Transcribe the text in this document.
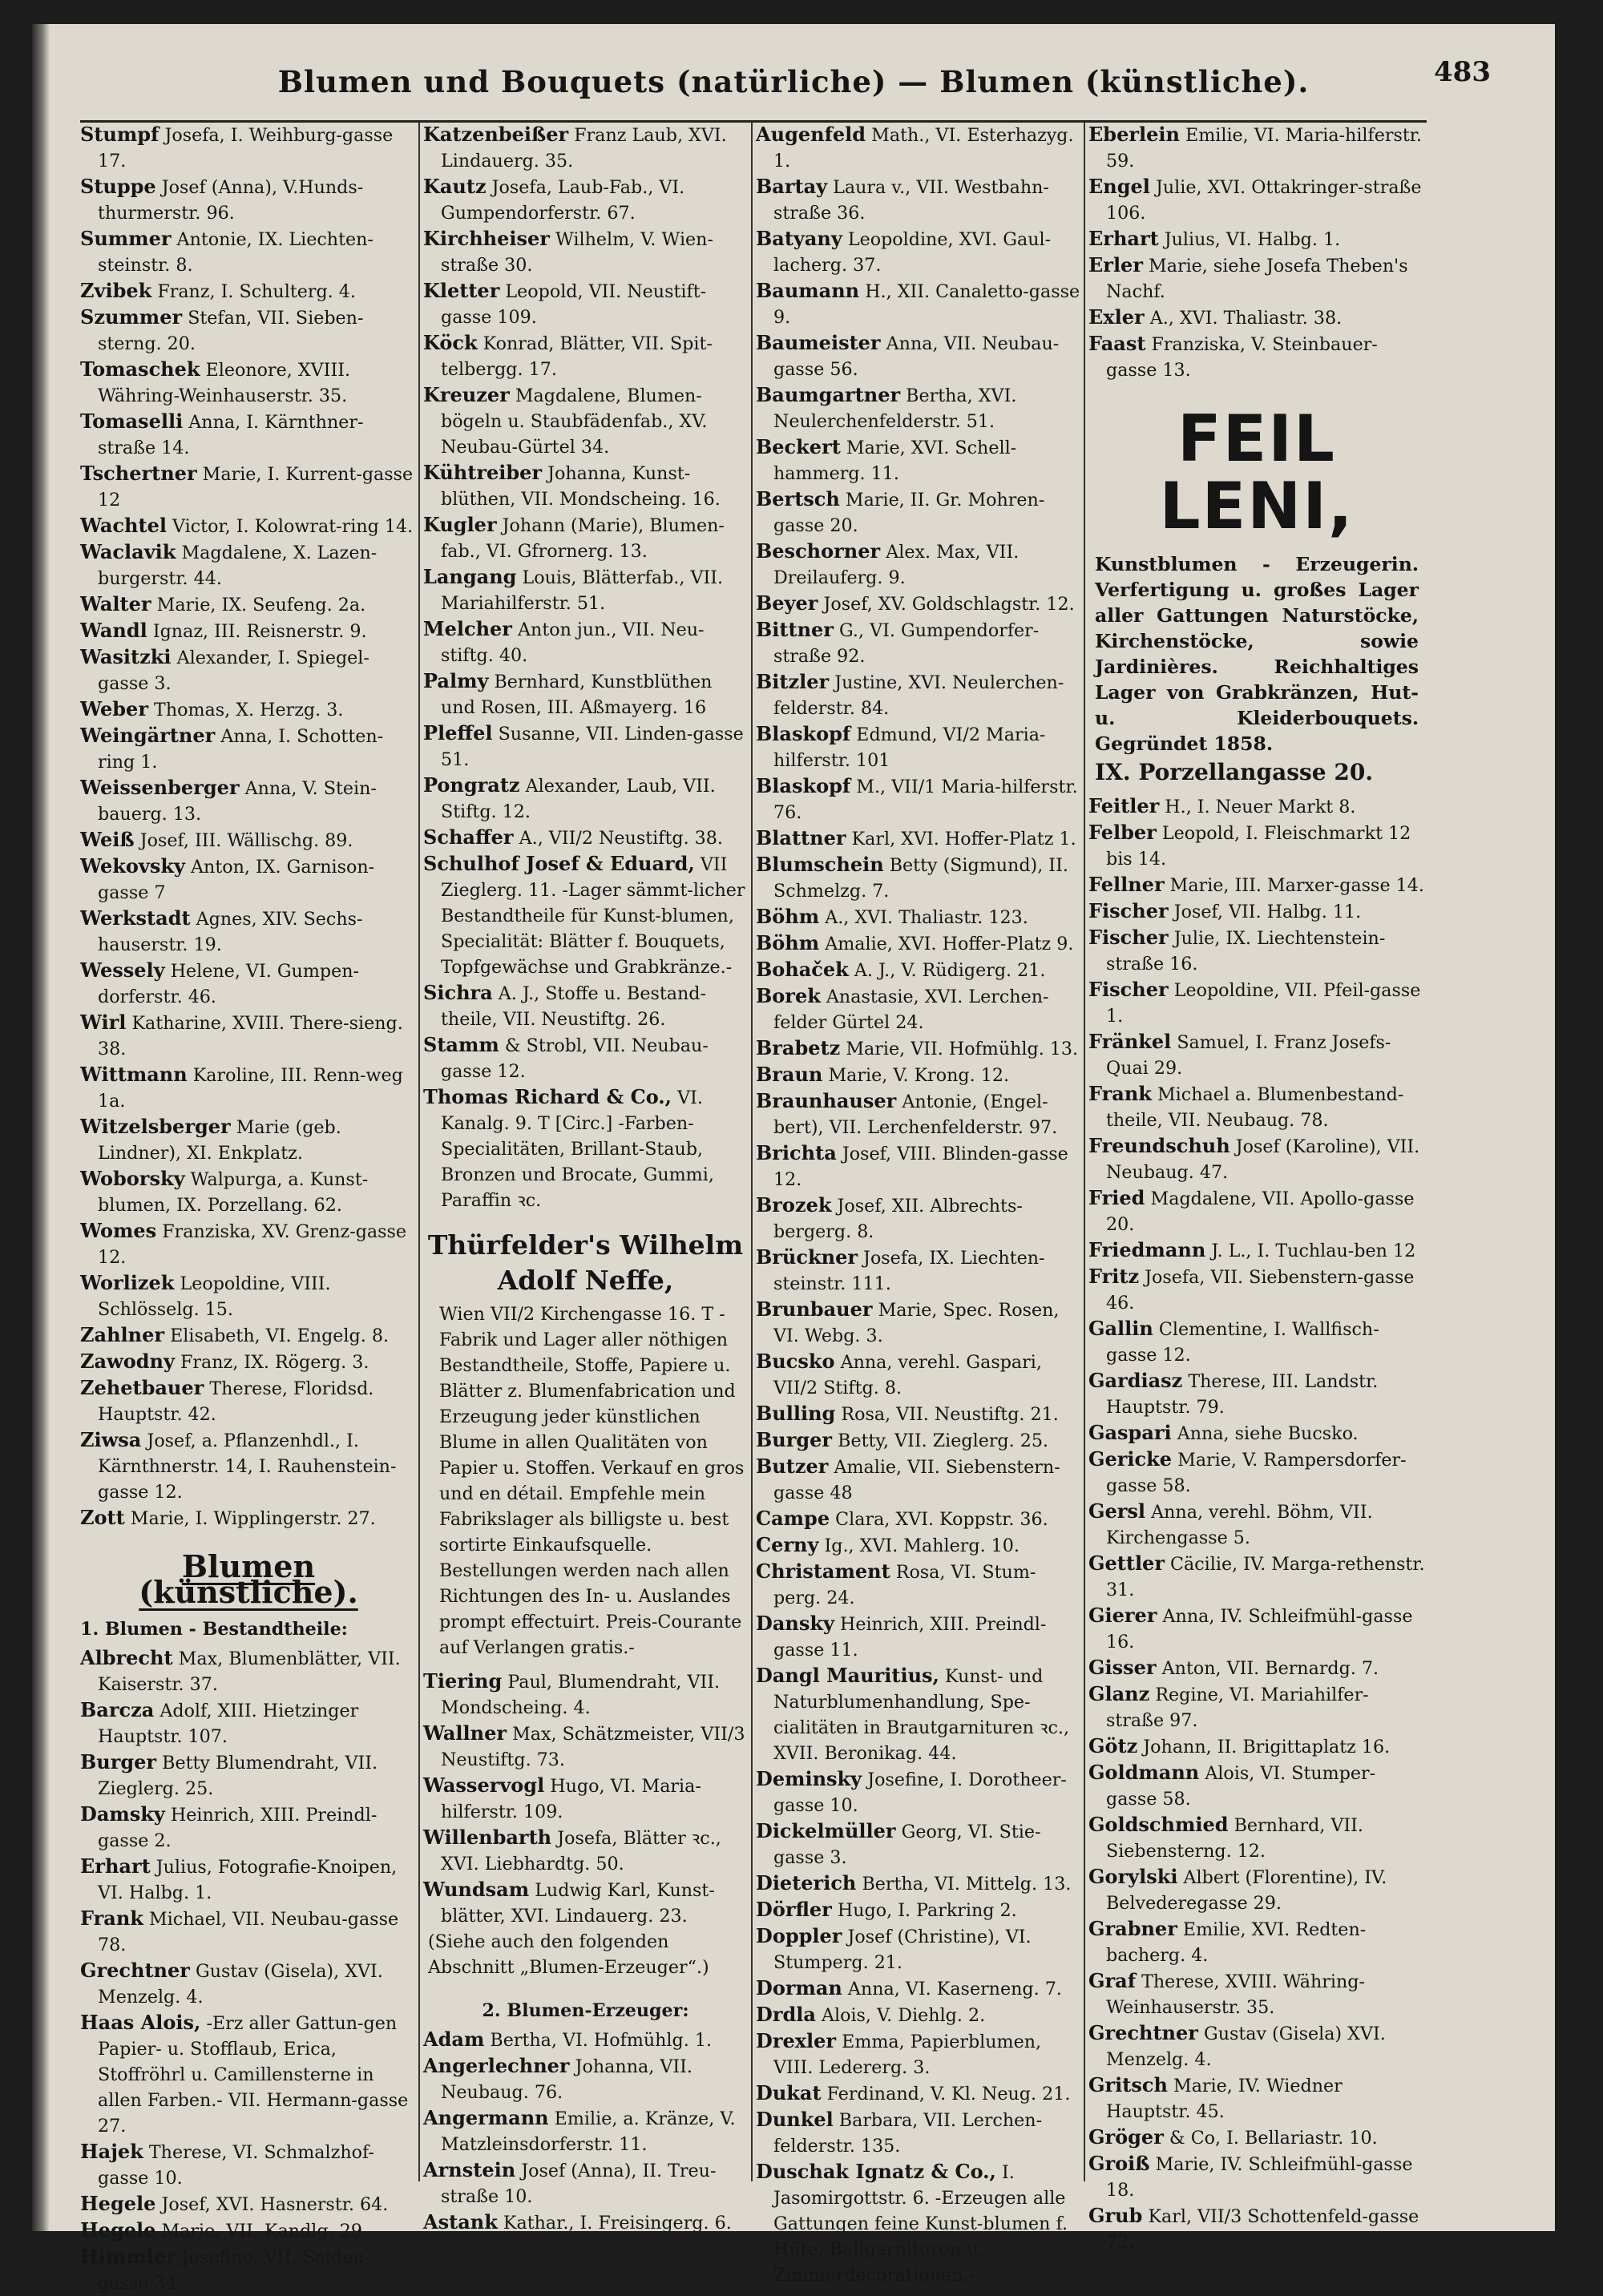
Blumen und Bouquets (natürliche) — Blumen (künstliche).	483

Stumpf Josefa, I. Weihburg-gasse 17.

Stuppe Josef (Anna), V.Hunds-thurmerstr. 96.

Summer Antonie, IX. Liechten-steinstr. 8.

Zvibek Franz, I. Schulterg. 4.

Szummer Stefan, VII. Sieben-sterng. 20.

Tomaschek Eleonore, XVIII. Währing-Weinhauserstr. 35.

Tomaselli Anna, I. Kärnthner-straße 14.

Tschertner Marie, I. Kurrent-gasse 12

Wachtel Victor, I. Kolowrat-ring 14.

Waclavik Magdalene, X. Lazen-burgerstr. 44.

Walter Marie, IX. Seufeng. 2a.

Wandl Ignaz, III. Reisnerstr. 9.

Wasitzki Alexander, I. Spiegel-gasse 3.

Weber Thomas, X. Herzg. 3.

Weingärtner Anna, I. Schotten-ring 1.

Weissenberger Anna, V. Stein-bauerg. 13.

Weiß Josef, III. Wällischg. 89.

Wekovsky Anton, IX. Garnison-gasse 7

Werkstadt Agnes, XIV. Sechs-hauserstr. 19.

Wessely Helene, VI. Gumpen-dorferstr. 46.

Wirl Katharine, XVIII. There-sieng. 38.

Wittmann Karoline, III. Renn-weg 1a.

Witzelsberger Marie (geb. Lindner), XI. Enkplatz.

Woborsky Walpurga, a. Kunst-blumen, IX. Porzellang. 62.

Womes Franziska, XV. Grenz-gasse 12.

Worlizek Leopoldine, VIII. Schlösselg. 15.

Zahlner Elisabeth, VI. Engelg. 8.

Zawodny Franz, IX. Rögerg. 3.

Zehetbauer Therese, Floridsd. Hauptstr. 42.

Ziwsa Josef, a. Pflanzenhdl., I. Kärnthnerstr. 14, I. Rauhenstein-gasse 12.

Zott Marie, I. Wipplingerstr. 27.

Blumen (künstliche).
1. Blumen - Bestandtheile:

Albrecht Max, Blumenblätter, VII. Kaiserstr. 37.

Barcza Adolf, XIII. Hietzinger Hauptstr. 107.

Burger Betty Blumendraht, VII. Zieglerg. 25.

Damsky Heinrich, XIII. Preindl-gasse 2.

Erhart Julius, Fotografie-Knoipen, VI. Halbg. 1.

Frank Michael, VII. Neubau-gasse 78.

Grechtner Gustav (Gisela), XVI. Menzelg. 4.

Haas Alois, -Erz aller Gattun-gen Papier- u. Stofflaub, Erica, Stoffröhrl u. Camillensterne in allen Farben.- VII. Hermann-gasse 27.

Hajek Therese, VI. Schmalzhof-gasse 10.

Hegele Josef, XVI. Hasnerstr. 64.

Hegele Marie, VII. Kandlg. 29.

Himmler Josefine, VII. Seiden-gasse 34.

Katzenbeißer Franz Laub, XVI. Lindauerg. 35.

Kautz Josefa, Laub-Fab., VI. Gumpendorferstr. 67.

Kirchheiser Wilhelm, V. Wien-straße 30.

Kletter Leopold, VII. Neustift-gasse 109.

Köck Konrad, Blätter, VII. Spit-telbergg. 17.

Kreuzer Magdalene, Blumen-bögeln u. Staubfädenfab., XV. Neubau-Gürtel 34.

Kühtreiber Johanna, Kunst-blüthen, VII. Mondscheing. 16.

Kugler Johann (Marie), Blumen-fab., VI. Gfrornerg. 13.

Langang Louis, Blätterfab., VII. Mariahilferstr. 51.

Melcher Anton jun., VII. Neu-stiftg. 40.

Palmy Bernhard, Kunstblüthen und Rosen, III. Aßmayerg. 16

Pleffel Susanne, VII. Linden-gasse 51.

Pongratz Alexander, Laub, VII. Stiftg. 12.

Schaffer A., VII/2 Neustiftg. 38.

Schulhof Josef & Eduard, VII Zieglerg. 11. -Lager sämmt-licher Bestandtheile für Kunst-blumen, Specialität: Blätter f. Bouquets, Topfgewächse und Grabkränze.-

Sichra A. J., Stoffe u. Bestand-theile, VII. Neustiftg. 26.

Stamm & Strobl, VII. Neubau-gasse 12.

Thomas Richard & Co., VI. Kanalg. 9. T [Circ.] -Farben-Specialitäten, Brillant-Staub, Bronzen und Brocate, Gummi, Paraffin ꝛc.

Thürfelder's Wilhelm Adolf Neffe,
Wien VII/2 Kirchengasse 16. T -Fabrik und Lager aller nöthigen Bestandtheile, Stoffe, Papiere u. Blätter z. Blumenfabrication und Erzeugung jeder künstlichen Blume in allen Qualitäten von Papier u. Stoffen. Verkauf en gros und en détail. Empfehle mein Fabrikslager als billigste u. best sortirte Einkaufsquelle. Bestellungen werden nach allen Richtungen des In- u. Auslandes prompt effectuirt. Preis-Courante auf Verlangen gratis.-

Tiering Paul, Blumendraht, VII. Mondscheing. 4.

Wallner Max, Schätzmeister, VII/3 Neustiftg. 73.

Wasservogl Hugo, VI. Maria-hilferstr. 109.

Willenbarth Josefa, Blätter ꝛc., XVI. Liebhardtg. 50.

Wundsam Ludwig Karl, Kunst-blätter, XVI. Lindauerg. 23.

(Siehe auch den folgenden Abschnitt „Blumen-Erzeuger“.)
2. Blumen-Erzeuger:

Adam Bertha, VI. Hofmühlg. 1.

Angerlechner Johanna, VII. Neubaug. 76.

Angermann Emilie, a. Kränze, V. Matzleinsdorferstr. 11.

Arnstein Josef (Anna), II. Treu-straße 10.

Astank Kathar., I. Freisingerg. 6.

Augenfeld Math., VI. Esterhazyg. 1.

Bartay Laura v., VII. Westbahn-straße 36.

Batyany Leopoldine, XVI. Gaul-lacherg. 37.

Baumann H., XII. Canaletto-gasse 9.

Baumeister Anna, VII. Neubau-gasse 56.

Baumgartner Bertha, XVI. Neulerchenfelderstr. 51.

Beckert Marie, XVI. Schell-hammerg. 11.

Bertsch Marie, II. Gr. Mohren-gasse 20.

Beschorner Alex. Max, VII. Dreilauferg. 9.

Beyer Josef, XV. Goldschlagstr. 12.

Bittner G., VI. Gumpendorfer-straße 92.

Bitzler Justine, XVI. Neulerchen-felderstr. 84.

Blaskopf Edmund, VI/2 Maria-hilferstr. 101

Blaskopf M., VII/1 Maria-hilferstr. 76.

Blattner Karl, XVI. Hoffer-Platz 1.

Blumschein Betty (Sigmund), II. Schmelzg. 7.

Böhm A., XVI. Thaliastr. 123.

Böhm Amalie, XVI. Hoffer-Platz 9.

Bohaček A. J., V. Rüdigerg. 21.

Borek Anastasie, XVI. Lerchen-felder Gürtel 24.

Brabetz Marie, VII. Hofmühlg. 13.

Braun Marie, V. Krong. 12.

Braunhauser Antonie, (Engel-bert), VII. Lerchenfelderstr. 97.

Brichta Josef, VIII. Blinden-gasse 12.

Brozek Josef, XII. Albrechts-bergerg. 8.

Brückner Josefa, IX. Liechten-steinstr. 111.

Brunbauer Marie, Spec. Rosen, VI. Webg. 3.

Bucsko Anna, verehl. Gaspari, VII/2 Stiftg. 8.

Bulling Rosa, VII. Neustiftg. 21.

Burger Betty, VII. Zieglerg. 25.

Butzer Amalie, VII. Siebenstern-gasse 48

Campe Clara, XVI. Koppstr. 36.

Cerny Ig., XVI. Mahlerg. 10.

Christament Rosa, VI. Stum-perg. 24.

Dansky Heinrich, XIII. Preindl-gasse 11.

Dangl Mauritius, Kunst- und Naturblumenhandlung, Spe-cialitäten in Brautgarnituren ꝛc., XVII. Beronikag. 44.

Deminsky Josefine, I. Dorotheer-gasse 10.

Dickelmüller Georg, VI. Stie-gasse 3.

Dieterich Bertha, VI. Mittelg. 13.

Dörfler Hugo, I. Parkring 2.

Doppler Josef (Christine), VI. Stumperg. 21.

Dorman Anna, VI. Kaserneng. 7.

Drdla Alois, V. Diehlg. 2.

Drexler Emma, Papierblumen, VIII. Ledererg. 3.

Dukat Ferdinand, V. Kl. Neug. 21.

Dunkel Barbara, VII. Lerchen-felderstr. 135.

Duschak Ignatz & Co., I. Jasomirgottstr. 6. -Erzeugen alle Gattungen feine Kunst-blumen f. Hüte, Ballgarnituren u. Zimmerdecorationen.-

Eberlein Emilie, VI. Maria-hilferstr. 59.

Engel Julie, XVI. Ottakringer-straße 106.

Erhart Julius, VI. Halbg. 1.

Erler Marie, siehe Josefa Theben's Nachf.

Exler A., XVI. Thaliastr. 38.

Faast Franziska, V. Steinbauer-gasse 13.

FEIL LENI,
Kunstblumen - Erzeugerin. Verfertigung u. großes Lager aller Gattungen Naturstöcke, Kirchenstöcke, sowie Jardinières. Reichhaltiges Lager von Grabkränzen, Hut- u. Kleiderbouquets. Gegründet 1858.
IX. Porzellangasse 20.

Feitler H., I. Neuer Markt 8.

Felber Leopold, I. Fleischmarkt 12 bis 14.

Fellner Marie, III. Marxer-gasse 14.

Fischer Josef, VII. Halbg. 11.

Fischer Julie, IX. Liechtenstein-straße 16.

Fischer Leopoldine, VII. Pfeil-gasse 1.

Fränkel Samuel, I. Franz Josefs-Quai 29.

Frank Michael a. Blumenbestand-theile, VII. Neubaug. 78.

Freundschuh Josef (Karoline), VII. Neubaug. 47.

Fried Magdalene, VII. Apollo-gasse 20.

Friedmann J. L., I. Tuchlau-ben 12

Fritz Josefa, VII. Siebenstern-gasse 46.

Gallin Clementine, I. Wallfisch-gasse 12.

Gardiasz Therese, III. Landstr. Hauptstr. 79.

Gaspari Anna, siehe Bucsko.

Gericke Marie, V. Rampersdorfer-gasse 58.

Gersl Anna, verehl. Böhm, VII. Kirchengasse 5.

Gettler Cäcilie, IV. Marga-rethenstr. 31.

Gierer Anna, IV. Schleifmühl-gasse 16.

Gisser Anton, VII. Bernardg. 7.

Glanz Regine, VI. Mariahilfer-straße 97.

Götz Johann, II. Brigittaplatz 16.

Goldmann Alois, VI. Stumper-gasse 58.

Goldschmied Bernhard, VII. Siebensterng. 12.

Gorylski Albert (Florentine), IV. Belvederegasse 29.

Grabner Emilie, XVI. Redten-bacherg. 4.

Graf Therese, XVIII. Währing-Weinhauserstr. 35.

Grechtner Gustav (Gisela) XVI. Menzelg. 4.

Gritsch Marie, IV. Wiedner Hauptstr. 45.

Gröger & Co, I. Bellariastr. 10.

Groiß Marie, IV. Schleifmühl-gasse 18.

Grub Karl, VII/3 Schottenfeld-gasse 72.
